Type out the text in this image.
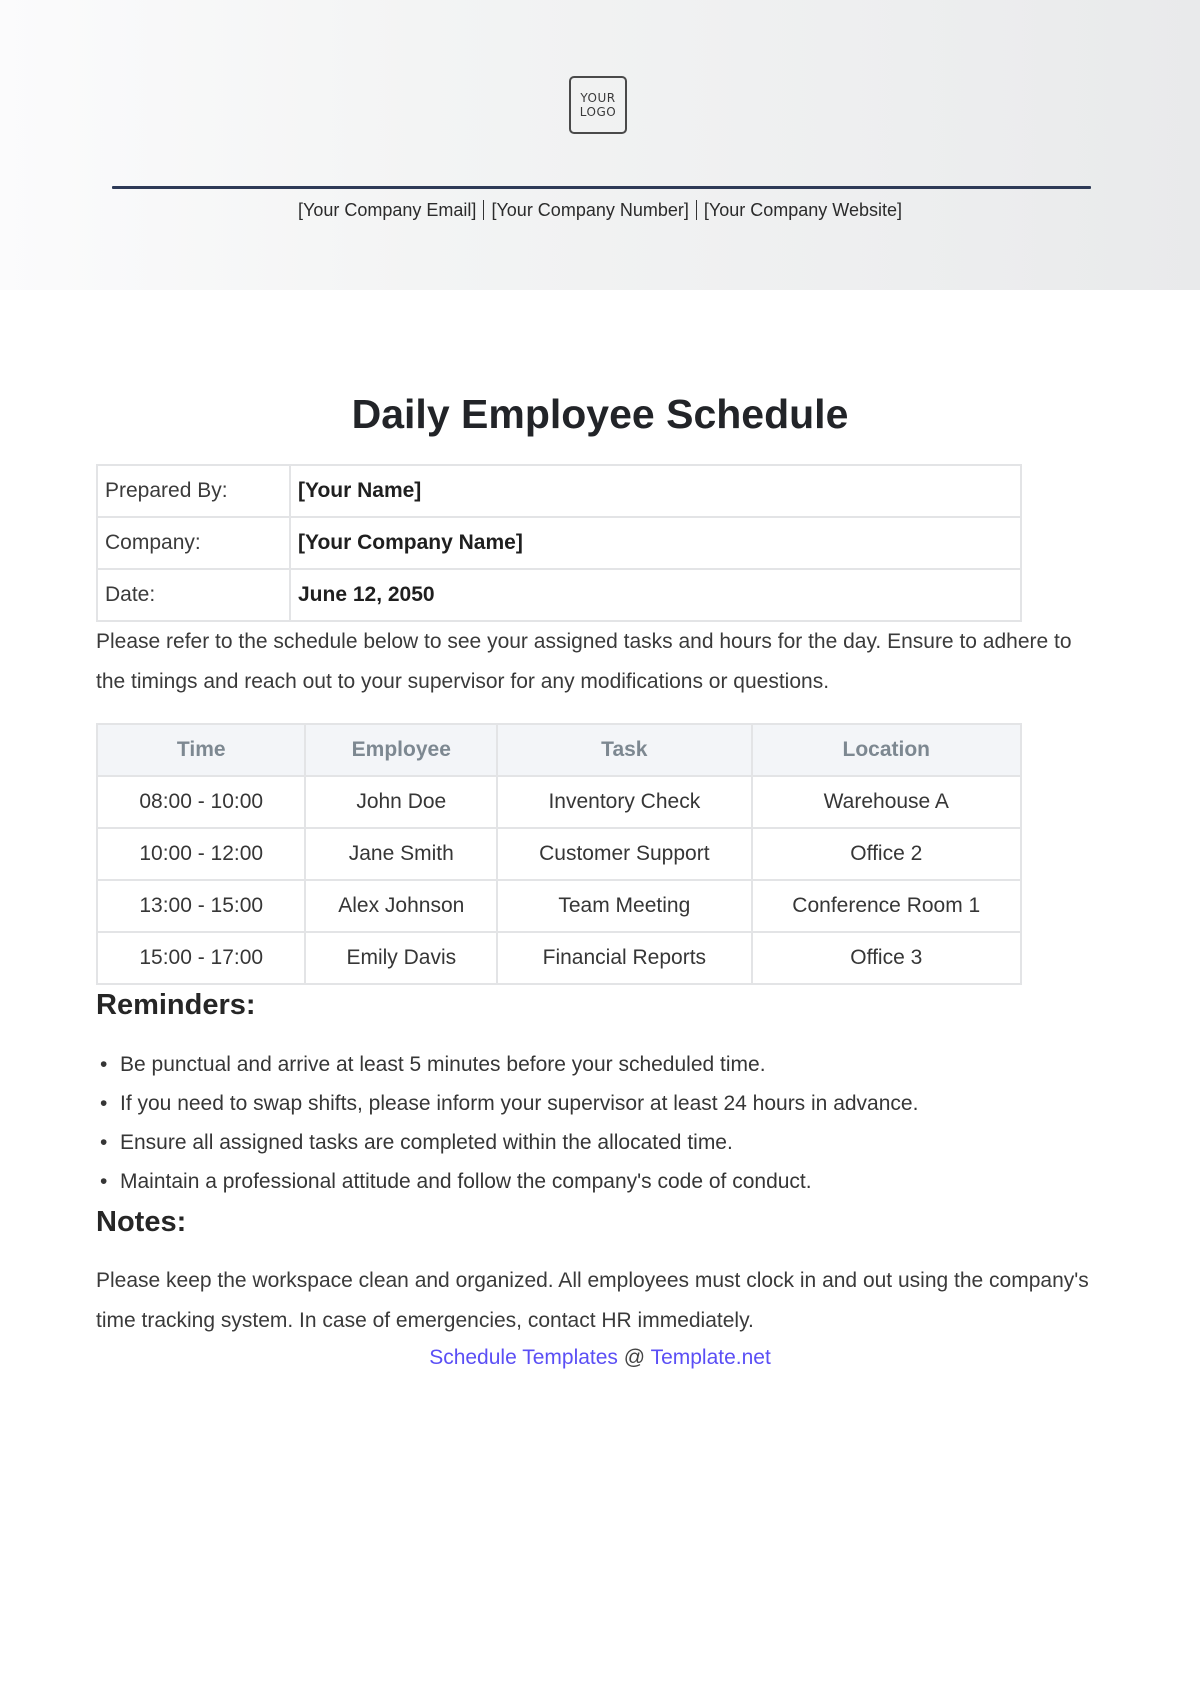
YOUR
LOGO
[Your Company Email] [Your Company Number] [Your Company Website]
Daily Employee Schedule
Prepared By:	[Your Name]
Company:	[Your Company Name]
Date:	June 12, 2050

Please refer to the schedule below to see your assigned tasks and hours for the day. Ensure to adhere to the timings and reach out to your supervisor for any modifications or questions.

Time	Employee	Task	Location
08:00 - 10:00	John Doe	Inventory Check	Warehouse A
10:00 - 12:00	Jane Smith	Customer Support	Office 2
13:00 - 15:00	Alex Johnson	Team Meeting	Conference Room 1
15:00 - 17:00	Emily Davis	Financial Reports	Office 3
Reminders:
• Be punctual and arrive at least 5 minutes before your scheduled time.
• If you need to swap shifts, please inform your supervisor at least 24 hours in advance.
• Ensure all assigned tasks are completed within the allocated time.
• Maintain a professional attitude and follow the company's code of conduct.
Notes:

Please keep the workspace clean and organized. All employees must clock in and out using the company's time tracking system. In case of emergencies, contact HR immediately.

Schedule Templates @ Template.net
